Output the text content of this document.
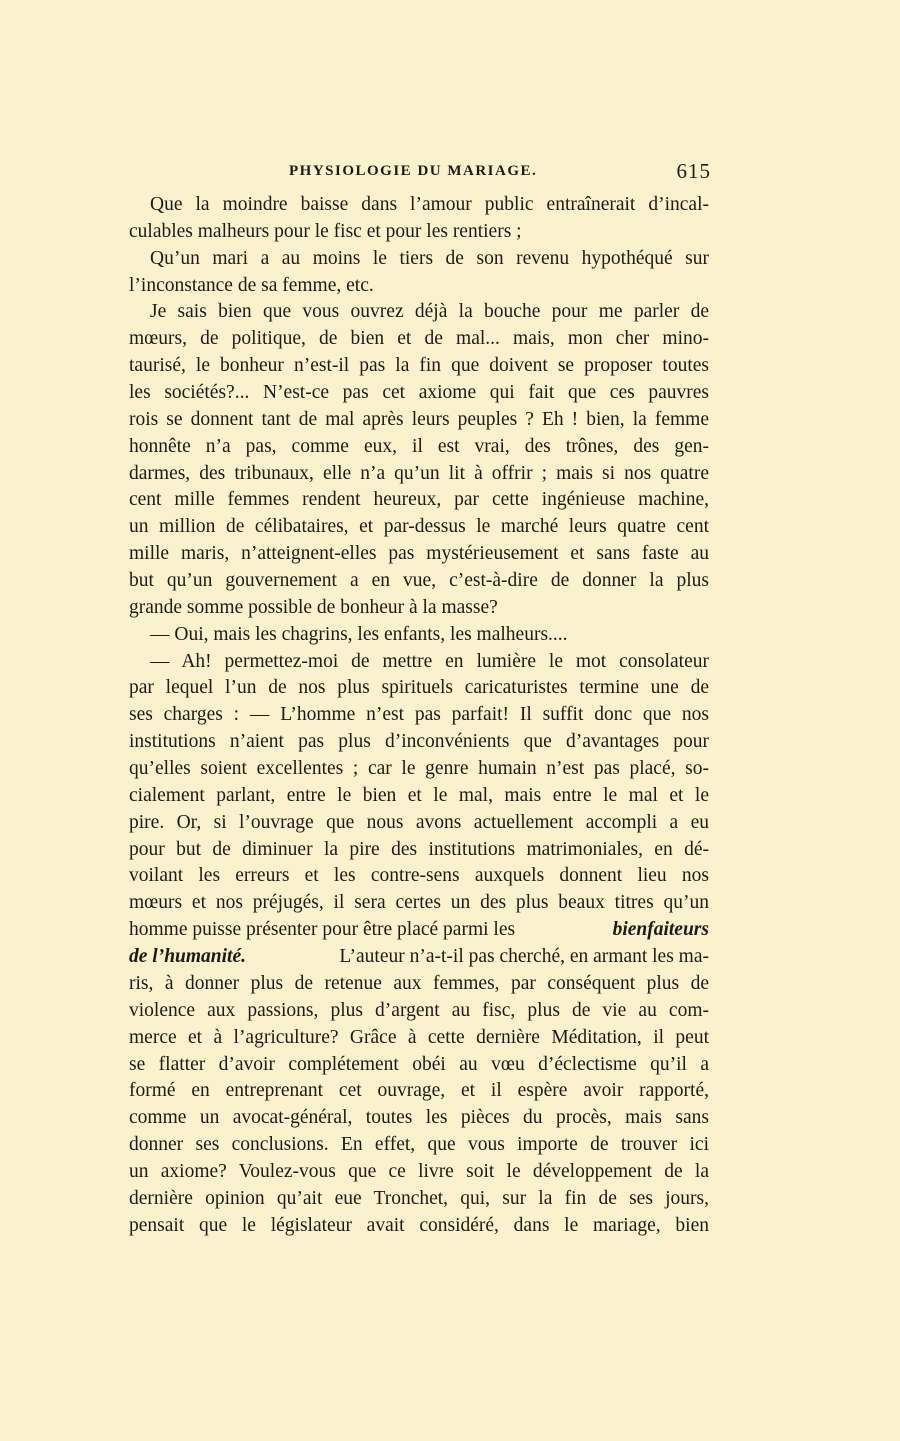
PHYSIOLOGIE DU MARIAGE.	615
Que la moindre baisse dans l’amour public entraînerait d’incal-
culables malheurs pour le fisc et pour les rentiers ;
Qu’un mari a au moins le tiers de son revenu hypothéqué sur
l’inconstance de sa femme, etc.
Je sais bien que vous ouvrez déjà la bouche pour me parler de
mœurs, de politique, de bien et de mal... mais, mon cher mino-
taurisé, le bonheur n’est-il pas la fin que doivent se proposer toutes
les sociétés?... N’est-ce pas cet axiome qui fait que ces pauvres
rois se donnent tant de mal après leurs peuples ? Eh ! bien, la femme
honnête n’a pas, comme eux, il est vrai, des trônes, des gen-
darmes, des tribunaux, elle n’a qu’un lit à offrir ; mais si nos quatre
cent mille femmes rendent heureux, par cette ingénieuse machine,
un million de célibataires, et par-dessus le marché leurs quatre cent
mille maris, n’atteignent-elles pas mystérieusement et sans faste au
but qu’un gouvernement a en vue, c’est-à-dire de donner la plus
grande somme possible de bonheur à la masse?
— Oui, mais les chagrins, les enfants, les malheurs....
— Ah! permettez-moi de mettre en lumière le mot consolateur
par lequel l’un de nos plus spirituels caricaturistes termine une de
ses charges : — L’homme n’est pas parfait! Il suffit donc que nos
institutions n’aient pas plus d’inconvénients que d’avantages pour
qu’elles soient excellentes ; car le genre humain n’est pas placé, so-
cialement parlant, entre le bien et le mal, mais entre le mal et le
pire. Or, si l’ouvrage que nous avons actuellement accompli a eu
pour but de diminuer la pire des institutions matrimoniales, en dé-
voilant les erreurs et les contre-sens auxquels donnent lieu nos
mœurs et nos préjugés, il sera certes un des plus beaux titres qu’un
homme puisse présenter pour être placé parmi les	bienfaiteurs
de l’humanité.	L’auteur n’a-t-il pas cherché, en armant les ma-
ris, à donner plus de retenue aux femmes, par conséquent plus de
violence aux passions, plus d’argent au fisc, plus de vie au com-
merce et à l’agriculture? Grâce à cette dernière Méditation, il peut
se flatter d’avoir complétement obéi au vœu d’éclectisme qu’il a
formé en entreprenant cet ouvrage, et il espère avoir rapporté,
comme un avocat-général, toutes les pièces du procès, mais sans
donner ses conclusions. En effet, que vous importe de trouver ici
un axiome? Voulez-vous que ce livre soit le développement de la
dernière opinion qu’ait eue Tronchet, qui, sur la fin de ses jours,
pensait que le législateur avait considéré, dans le mariage, bien
